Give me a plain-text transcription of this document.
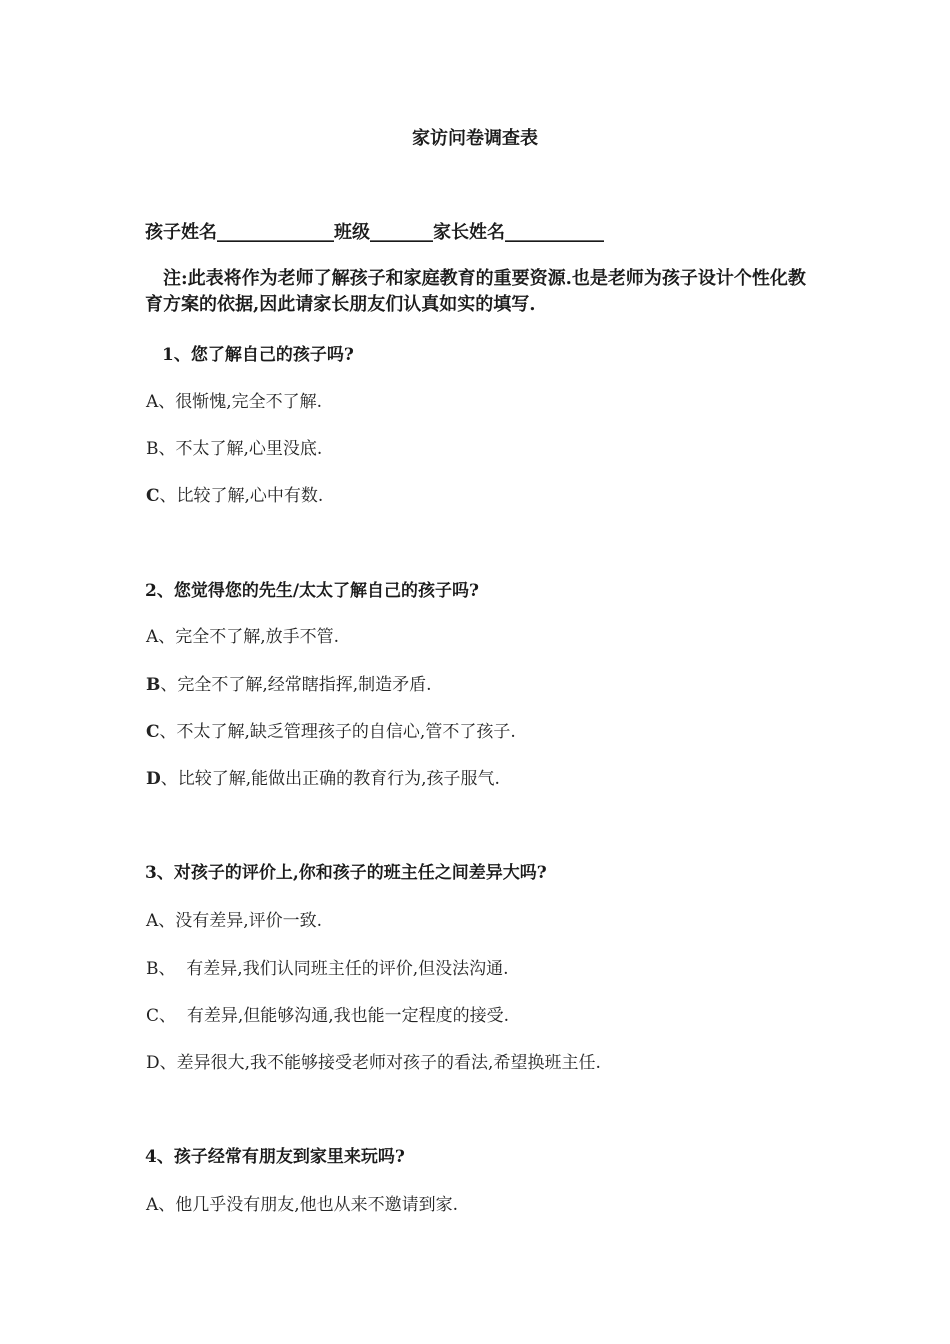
家访问卷调查表
孩子姓名_____________班级_______家长姓名___________
注:此表将作为老师了解孩子和家庭教育的重要资源.也是老师为孩子设计个性化教育方案的依据,因此请家长朋友们认真如实的填写.
1、您了解自己的孩子吗?
A、很惭愧,完全不了解.
B、不太了解,心里没底.
C、比较了解,心中有数.
2、您觉得您的先生/太太了解自己的孩子吗?
A、完全不了解,放手不管.
B、完全不了解,经常瞎指挥,制造矛盾.
C、不太了解,缺乏管理孩子的自信心,管不了孩子.
D、比较了解,能做出正确的教育行为,孩子服气.
3、对孩子的评价上,你和孩子的班主任之间差异大吗?
A、没有差异,评价一致.
B、  有差异,我们认同班主任的评价,但没法沟通.
C、  有差异,但能够沟通,我也能一定程度的接受.
D、差异很大,我不能够接受老师对孩子的看法,希望换班主任.
4、孩子经常有朋友到家里来玩吗?
A、他几乎没有朋友,他也从来不邀请到家.
